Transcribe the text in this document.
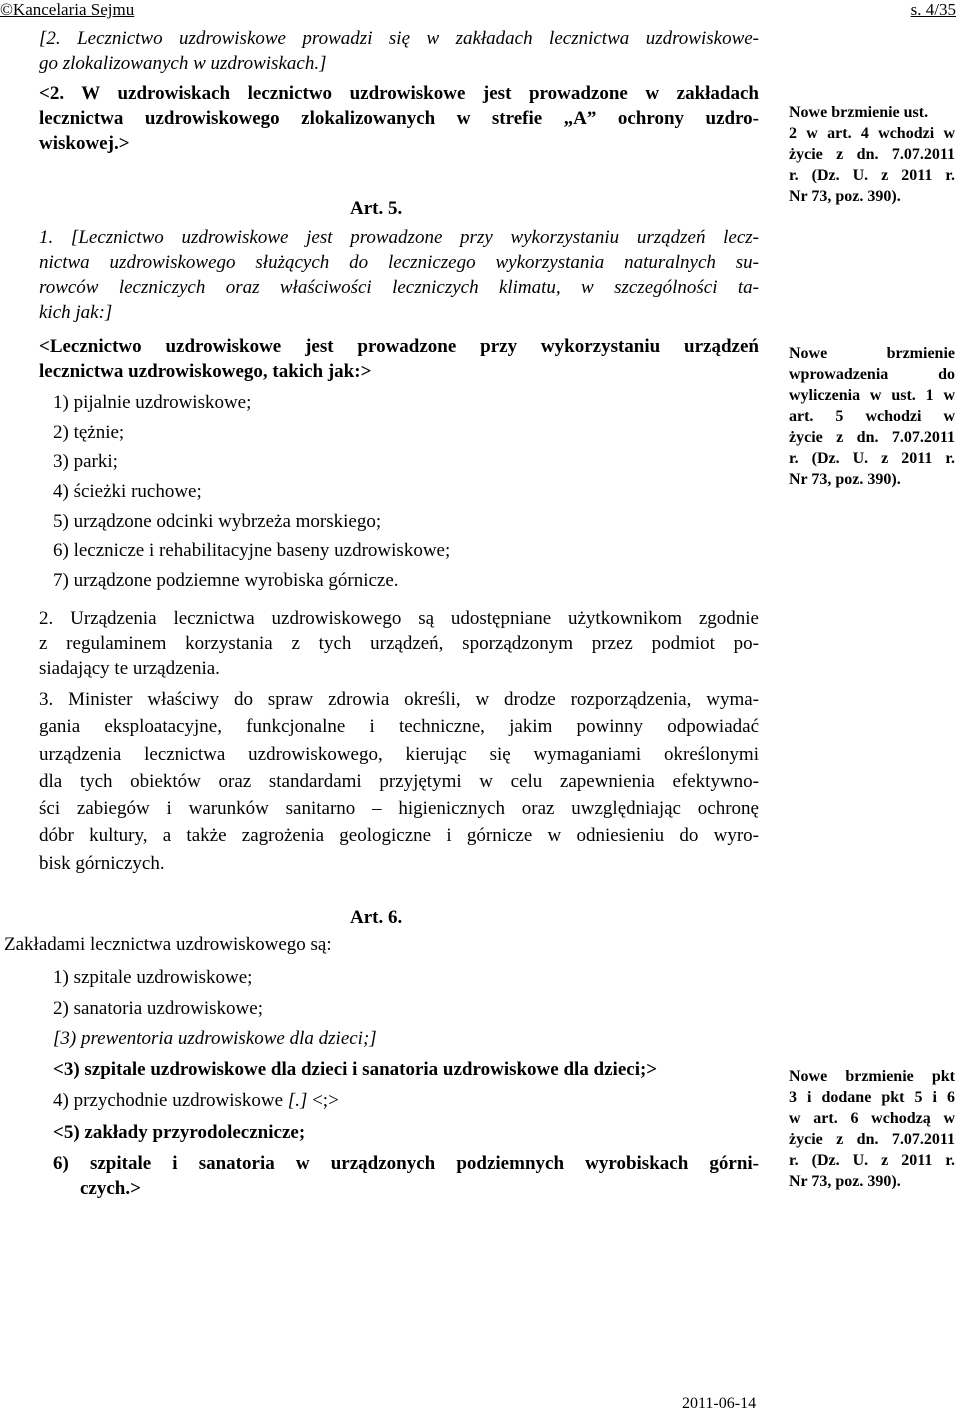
©Kancelaria Sejmu	s. 4/35
[2. Lecznictwo uzdrowiskowe prowadzi się w zakładach lecznictwa uzdrowiskowe-
go zlokalizowanych w uzdrowiskach.]
<2. W uzdrowiskach lecznictwo uzdrowiskowe jest prowadzone w zakładach
lecznictwa uzdrowiskowego zlokalizowanych w strefie „A” ochrony uzdro-
wiskowej.>
Art. 5.
1. [Lecznictwo uzdrowiskowe jest prowadzone przy wykorzystaniu urządzeń lecz-
nictwa uzdrowiskowego służących do leczniczego wykorzystania naturalnych su-
rowców leczniczych oraz właściwości leczniczych klimatu, w szczególności ta-
kich jak:]
<Lecznictwo uzdrowiskowe jest prowadzone przy wykorzystaniu urządzeń
lecznictwa uzdrowiskowego, takich jak:>
1) pijalnie uzdrowiskowe;
2) tężnie;
3) parki;
4) ścieżki ruchowe;
5) urządzone odcinki wybrzeża morskiego;
6) lecznicze i rehabilitacyjne baseny uzdrowiskowe;
7) urządzone podziemne wyrobiska górnicze.
2. Urządzenia lecznictwa uzdrowiskowego są udostępniane użytkownikom zgodnie
z regulaminem korzystania z tych urządzeń, sporządzonym przez podmiot po-
siadający te urządzenia.
3. Minister właściwy do spraw zdrowia określi, w drodze rozporządzenia, wyma-
gania eksploatacyjne, funkcjonalne i techniczne, jakim powinny odpowiadać
urządzenia lecznictwa uzdrowiskowego, kierując się wymaganiami określonymi
dla tych obiektów oraz standardami przyjętymi w celu zapewnienia efektywno-
ści zabiegów i warunków sanitarno – higienicznych oraz uwzględniając ochronę
dóbr kultury, a także zagrożenia geologiczne i górnicze w odniesieniu do wyro-
bisk górniczych.
Art. 6.
Zakładami lecznictwa uzdrowiskowego są:
1) szpitale uzdrowiskowe;
2) sanatoria uzdrowiskowe;
[3) prewentoria uzdrowiskowe dla dzieci;]
<3) szpitale uzdrowiskowe dla dzieci i sanatoria uzdrowiskowe dla dzieci;>
4) przychodnie uzdrowiskowe [.] <;>
<5) zakłady przyrodolecznicze;
6) szpitale i sanatoria w urządzonych podziemnych wyrobiskach górni-
czych.>
Nowe brzmienie ust.
2 w art. 4 wchodzi w
życie z dn. 7.07.2011
r. (Dz. U. z 2011 r.
Nr 73, poz. 390).
Nowe brzmienie
wprowadzenia do
wyliczenia w ust. 1 w
art. 5 wchodzi w
życie z dn. 7.07.2011
r. (Dz. U. z 2011 r.
Nr 73, poz. 390).
Nowe brzmienie pkt
3 i dodane pkt 5 i 6
w art. 6 wchodzą w
życie z dn. 7.07.2011
r. (Dz. U. z 2011 r.
Nr 73, poz. 390).
2011-06-14
